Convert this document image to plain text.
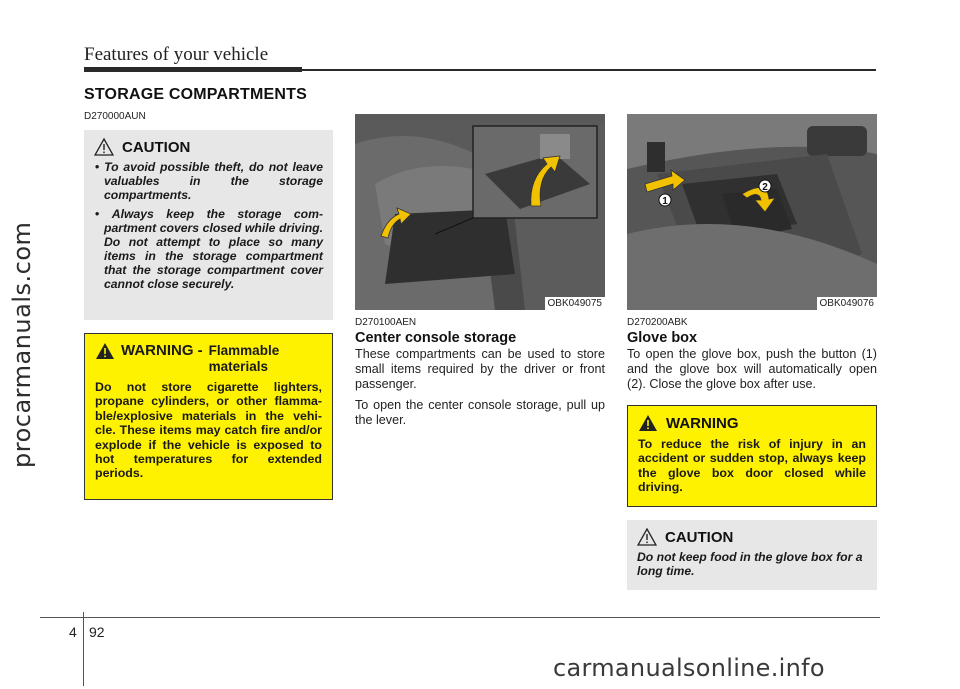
procarmanuals.com
Features of your vehicle
STORAGE COMPARTMENTS
D270000AUN
CAUTION
• To avoid possible theft, do not leave valuables in the storage compartments.
• Always keep the storage com- partment covers closed while driving. Do not attempt to place so many items in the storage compartment that the storage compartment cover cannot close securely.
WARNING - Flammable materials
Do not store cigarette lighters, propane cylinders, or other flamma- ble/explosive materials in the vehi- cle. These items may catch fire and/or explode if the vehicle is exposed to hot temperatures for extended periods.
OBK049075
D270100AEN
Center console storage

These compartments can be used to store small items required by the driver or front passenger.

To open the center console storage, pull up the lever.

1
2
OBK049076
D270200ABK
Glove box

To open the glove box, push the button (1) and the glove box will automatically open (2). Close the glove box after use.

WARNING
To reduce the risk of injury in an accident or sudden stop, always keep the glove box door closed while driving.
CAUTION
Do not keep food in the glove box for a long time.
4 92
carmanualsonline.info
